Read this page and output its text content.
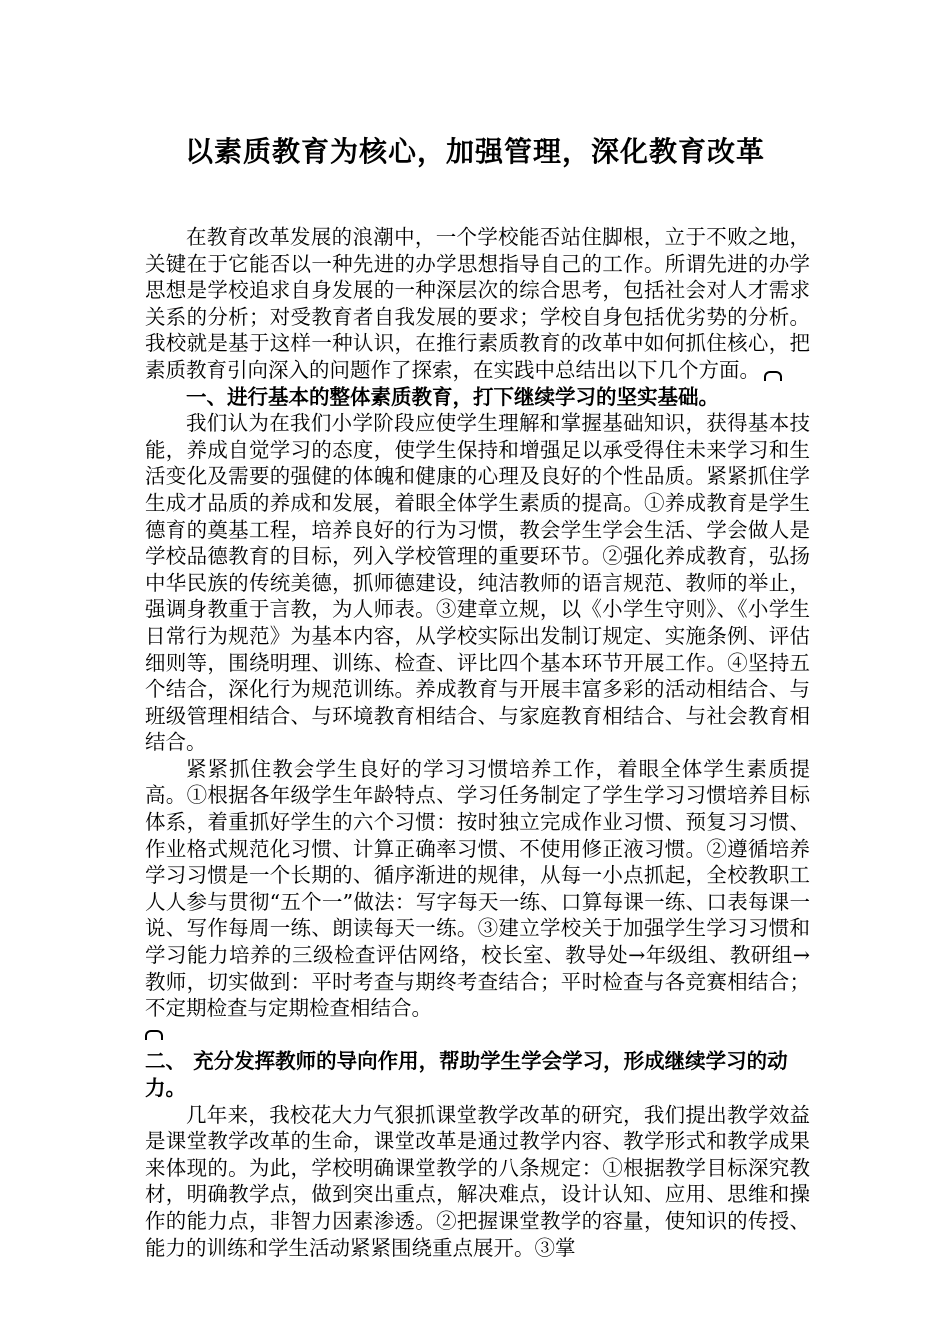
以素质教育为核心，加强管理，深化教育改革

在教育改革发展的浪潮中，一个学校能否站住脚根，立于不败之地，关键在于它能否以一种先进的办学思想指导自己的工作。所谓先进的办学思想是学校追求自身发展的一种深层次的综合思考，包括社会对人才需求关系的分析；对受教育者自我发展的要求；学校自身包括优劣势的分析。我校就是基于这样一种认识，在推行素质教育的改革中如何抓住核心，把素质教育引向深入的问题作了探索，在实践中总结出以下几个方面。

一、进行基本的整体素质教育，打下继续学习的坚实基础。

我们认为在我们小学阶段应使学生理解和掌握基础知识，获得基本技能，养成自觉学习的态度，使学生保持和增强足以承受得住未来学习和生活变化及需要的强健的体魄和健康的心理及良好的个性品质。紧紧抓住学生成才品质的养成和发展，着眼全体学生素质的提高。①养成教育是学生德育的奠基工程，培养良好的行为习惯，教会学生学会生活、学会做人是学校品德教育的目标，列入学校管理的重要环节。②强化养成教育，弘扬中华民族的传统美德，抓师德建设，纯洁教师的语言规范、教师的举止，强调身教重于言教，为人师表。③建章立规，以《小学生守则》、《小学生日常行为规范》为基本内容，从学校实际出发制订规定、实施条例、评估细则等，围绕明理、训练、检查、评比四个基本环节开展工作。④坚持五个结合，深化行为规范训练。养成教育与开展丰富多彩的活动相结合、与班级管理相结合、与环境教育相结合、与家庭教育相结合、与社会教育相结合。

紧紧抓住教会学生良好的学习习惯培养工作，着眼全体学生素质提高。①根据各年级学生年龄特点、学习任务制定了学生学习习惯培养目标体系，着重抓好学生的六个习惯：按时独立完成作业习惯、预复习习惯、作业格式规范化习惯、计算正确率习惯、不使用修正液习惯。②遵循培养学习习惯是一个长期的、循序渐进的规律，从每一小点抓起，全校教职工人人参与贯彻“五个一”做法：写字每天一练、口算每课一练、口表每课一说、写作每周一练、朗读每天一练。③建立学校关于加强学生学习习惯和学习能力培养的三级检查评估网络，校长室、教导处→年级组、教研组→教师，切实做到：平时考查与期终考查结合；平时检查与各竞赛相结合；不定期检查与定期检查相结合。

二、 充分发挥教师的导向作用，帮助学生学会学习，形成继续学习的动力。

几年来，我校花大力气狠抓课堂教学改革的研究，我们提出教学效益是课堂教学改革的生命，课堂改革是通过教学内容、教学形式和教学成果来体现的。为此，学校明确课堂教学的八条规定：①根据教学目标深究教材，明确教学点，做到突出重点，解决难点，设计认知、应用、思维和操作的能力点，非智力因素渗透。②把握课堂教学的容量，使知识的传授、能力的训练和学生活动紧紧围绕重点展开。③掌
